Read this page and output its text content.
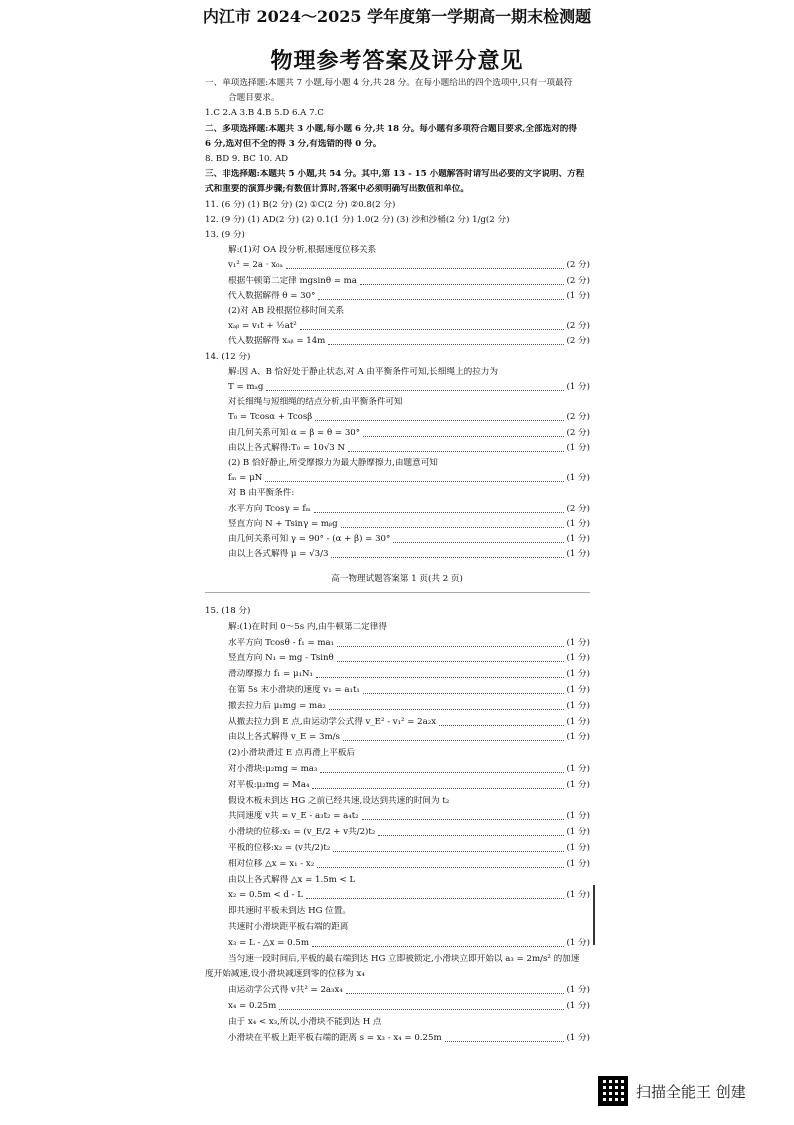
内江市 2024～2025 学年度第一学期高一期末检测题
物理参考答案及评分意见
一、单项选择题:本题共 7 小题,每小题 4 分,共 28 分。在每小题给出的四个选项中,只有一项最符
合题目要求。
1.C 2.A 3.B 4.B 5.D 6.A 7.C
二、多项选择题:本题共 3 小题,每小题 6 分,共 18 分。每小题有多项符合题目要求,全部选对的得
6 分,选对但不全的得 3 分,有选错的得 0 分。
8. BD 9. BC 10. AD
三、非选择题:本题共 5 小题,共 54 分。其中,第 13 - 15 小题解答时请写出必要的文字说明、方程
式和重要的演算步骤;有数值计算时,答案中必须明确写出数值和单位。
11. (6 分) (1) B(2 分) (2) ①C(2 分) ②0.8(2 分)
12. (9 分) (1) AD(2 分) (2) 0.1(1 分) 1.0(2 分) (3) 沙和沙桶(2 分) 1/g(2 分)
13. (9 分)
解:(1)对 OA 段分析,根据速度位移关系
v₁² = 2a · x₀ₐ	(2 分)
根据牛顿第二定律 mgsinθ = ma	(2 分)
代入数据解得 θ = 30°	(1 分)
(2)对 AB 段根据位移时间关系
xₐᵦ = v₁t + ½at²	(2 分)
代入数据解得 xₐᵦ = 14m	(2 分)
14. (12 分)
解:因 A、B 恰好处于静止状态,对 A 由平衡条件可知,长细绳上的拉力为
T = mₐg	(1 分)
对长细绳与短细绳的结点分析,由平衡条件可知
T₀ = Tcosα + Tcosβ	(2 分)
由几何关系可知 α = β = θ = 30°	(2 分)
由以上各式解得:T₀ = 10√3 N	(1 分)
(2) B 恰好静止,所受摩擦力为最大静摩擦力,由题意可知
fₘ = μN	(1 分)
对 B 由平衡条件:
水平方向 Tcosγ = fₘ	(2 分)
竖直方向 N + Tsinγ = mᵦg	(1 分)
由几何关系可知 γ = 90° - (α + β) = 30°	(1 分)
由以上各式解得 μ = √3/3	(1 分)
高一物理试题答案第 1 页(共 2 页)
15. (18 分)
解:(1)在时间 0～5s 内,由牛顿第二定律得
水平方向 Tcosθ - f₁ = ma₁	(1 分)
竖直方向 N₁ = mg - Tsinθ	(1 分)
滑动摩擦力 f₁ = μ₁N₁	(1 分)
在第 5s 末小滑块的速度 v₁ = a₁t₁	(1 分)
撤去拉力后 μ₁mg = ma₂	(1 分)
从撤去拉力到 E 点,由运动学公式得 v_E² - v₁² = 2a₂x	(1 分)
由以上各式解得 v_E = 3m/s	(1 分)
(2)小滑块滑过 E 点再滑上平板后
对小滑块:μ₂mg = ma₃	(1 分)
对平板:μ₂mg = Ma₄	(1 分)
假设木板未到达 HG 之前已经共速,设达到共速的时间为 t₂
共同速度 v共 = v_E - a₃t₂ = a₄t₂	(1 分)
小滑块的位移:x₁ = (v_E/2 + v共/2)t₂	(1 分)
平板的位移:x₂ = (v共/2)t₂	(1 分)
相对位移 △x = x₁ - x₂	(1 分)
由以上各式解得 △x = 1.5m < L
x₂ = 0.5m < d - L	(1 分)
即共速时平板未到达 HG 位置。
共速时小滑块距平板右端的距离
x₃ = L - △x = 0.5m	(1 分)
当匀速一段时间后,平板的最右端到达 HG 立即被锁定,小滑块立即开始以 a₃ = 2m/s² 的加速
度开始减速,设小滑块减速到零的位移为 x₄
由运动学公式得 v共² = 2a₃x₄	(1 分)
x₄ = 0.25m	(1 分)
由于 x₄ < x₃,所以,小滑块不能到达 H 点
小滑块在平板上距平板右端的距离 s = x₃ - x₄ = 0.25m	(1 分)
扫描全能王 创建
